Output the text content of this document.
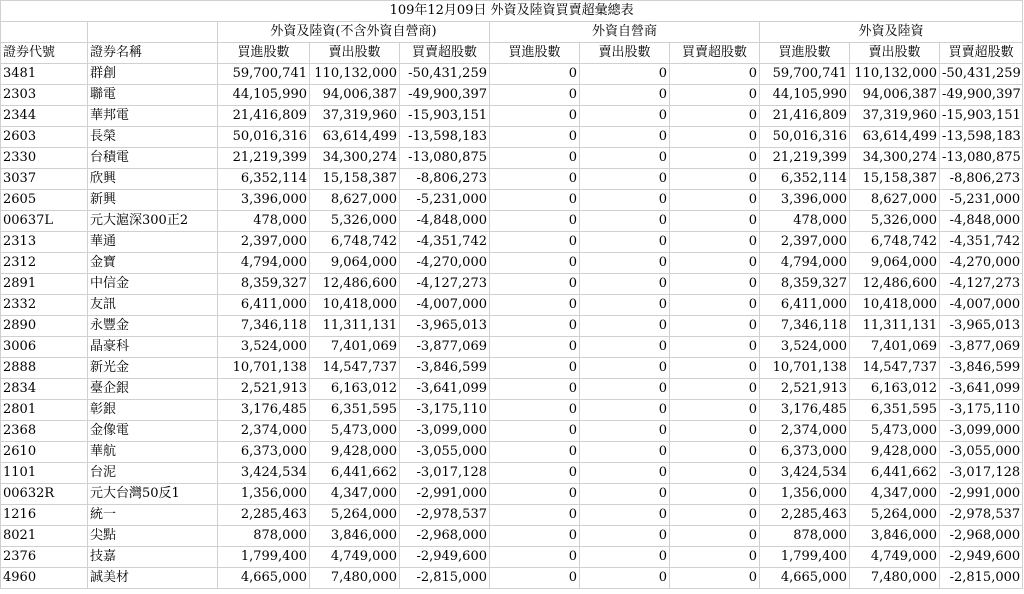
109年12月09日 外資及陸資買賣超彙總表										
		外資及陸資(不含外資自營商)			外資自營商			外資及陸資		
證券代號	證券名稱	買進股數	賣出股數	買賣超股數	買進股數	賣出股數	買賣超股數	買進股數	賣出股數	買賣超股數
3481	群創	59,700,741	110,132,000	-50,431,259	0	0	0	59,700,741	110,132,000	-50,431,259
2303	聯電	44,105,990	94,006,387	-49,900,397	0	0	0	44,105,990	94,006,387	-49,900,397
2344	華邦電	21,416,809	37,319,960	-15,903,151	0	0	0	21,416,809	37,319,960	-15,903,151
2603	長榮	50,016,316	63,614,499	-13,598,183	0	0	0	50,016,316	63,614,499	-13,598,183
2330	台積電	21,219,399	34,300,274	-13,080,875	0	0	0	21,219,399	34,300,274	-13,080,875
3037	欣興	6,352,114	15,158,387	-8,806,273	0	0	0	6,352,114	15,158,387	-8,806,273
2605	新興	3,396,000	8,627,000	-5,231,000	0	0	0	3,396,000	8,627,000	-5,231,000
00637L	元大滬深300正2	478,000	5,326,000	-4,848,000	0	0	0	478,000	5,326,000	-4,848,000
2313	華通	2,397,000	6,748,742	-4,351,742	0	0	0	2,397,000	6,748,742	-4,351,742
2312	金寶	4,794,000	9,064,000	-4,270,000	0	0	0	4,794,000	9,064,000	-4,270,000
2891	中信金	8,359,327	12,486,600	-4,127,273	0	0	0	8,359,327	12,486,600	-4,127,273
2332	友訊	6,411,000	10,418,000	-4,007,000	0	0	0	6,411,000	10,418,000	-4,007,000
2890	永豐金	7,346,118	11,311,131	-3,965,013	0	0	0	7,346,118	11,311,131	-3,965,013
3006	晶豪科	3,524,000	7,401,069	-3,877,069	0	0	0	3,524,000	7,401,069	-3,877,069
2888	新光金	10,701,138	14,547,737	-3,846,599	0	0	0	10,701,138	14,547,737	-3,846,599
2834	臺企銀	2,521,913	6,163,012	-3,641,099	0	0	0	2,521,913	6,163,012	-3,641,099
2801	彰銀	3,176,485	6,351,595	-3,175,110	0	0	0	3,176,485	6,351,595	-3,175,110
2368	金像電	2,374,000	5,473,000	-3,099,000	0	0	0	2,374,000	5,473,000	-3,099,000
2610	華航	6,373,000	9,428,000	-3,055,000	0	0	0	6,373,000	9,428,000	-3,055,000
1101	台泥	3,424,534	6,441,662	-3,017,128	0	0	0	3,424,534	6,441,662	-3,017,128
00632R	元大台灣50反1	1,356,000	4,347,000	-2,991,000	0	0	0	1,356,000	4,347,000	-2,991,000
1216	統一	2,285,463	5,264,000	-2,978,537	0	0	0	2,285,463	5,264,000	-2,978,537
8021	尖點	878,000	3,846,000	-2,968,000	0	0	0	878,000	3,846,000	-2,968,000
2376	技嘉	1,799,400	4,749,000	-2,949,600	0	0	0	1,799,400	4,749,000	-2,949,600
4960	誠美材	4,665,000	7,480,000	-2,815,000	0	0	0	4,665,000	7,480,000	-2,815,000
